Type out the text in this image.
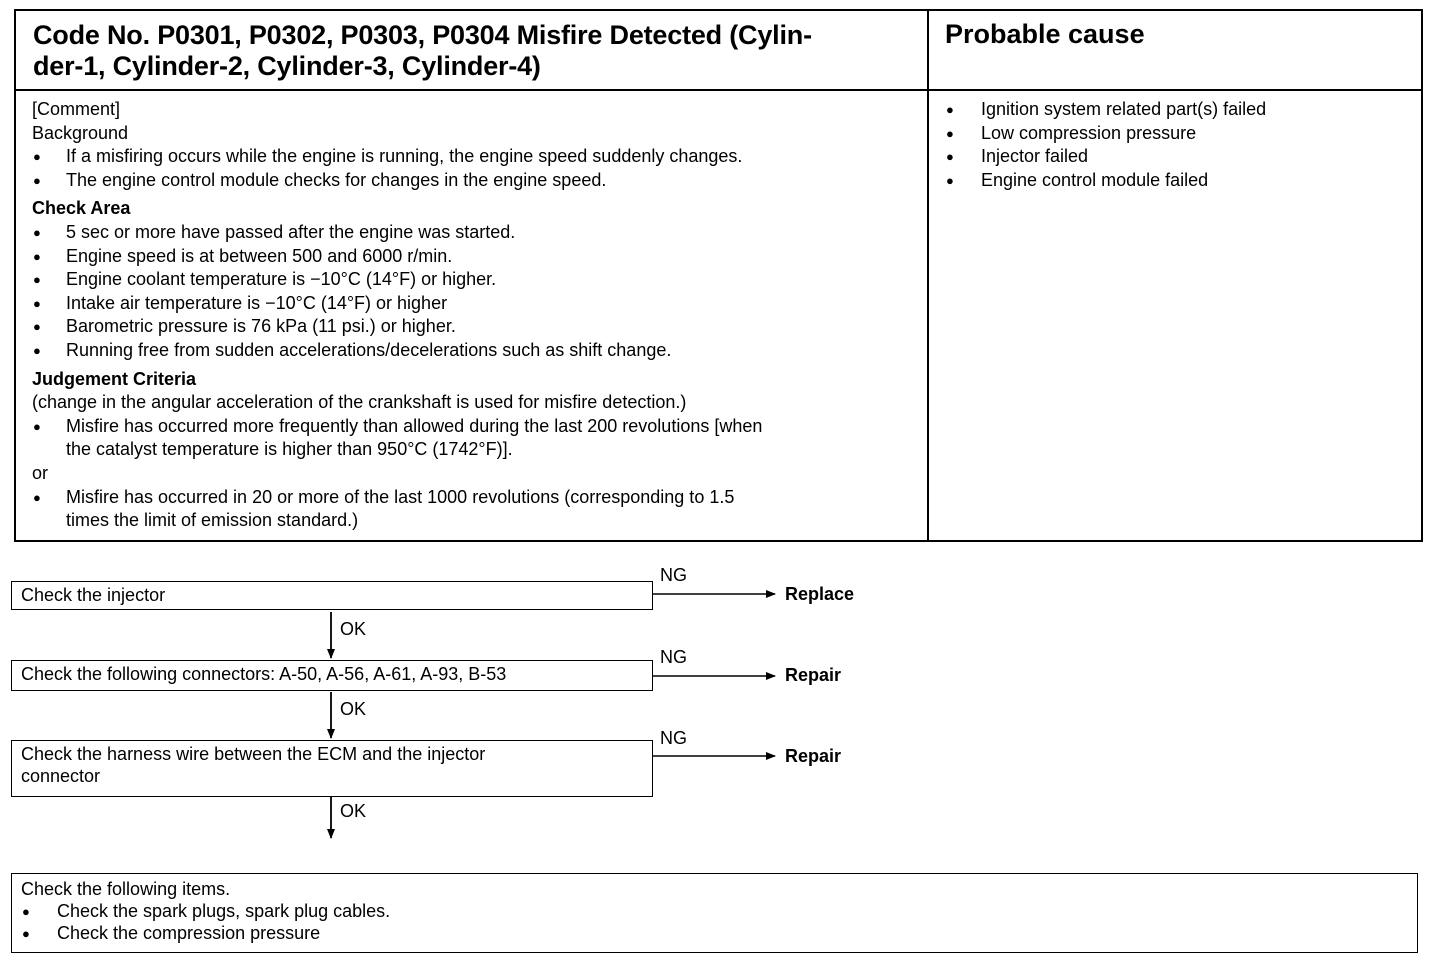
Code No. P0301, P0302, P0303, P0304 Misfire Detected (Cylin-
der-1, Cylinder-2, Cylinder-3, Cylinder-4)
Probable cause
[Comment]
Background
● If a misfiring occurs while the engine is running, the engine speed suddenly changes.
● The engine control module checks for changes in the engine speed.
Check Area
● 5 sec or more have passed after the engine was started.
● Engine speed is at between 500 and 6000 r/min.
● Engine coolant temperature is −10°C (14°F) or higher.
● Intake air temperature is −10°C (14°F) or higher
● Barometric pressure is 76 kPa (11 psi.) or higher.
● Running free from sudden accelerations/decelerations such as shift change.
Judgement Criteria
(change in the angular acceleration of the crankshaft is used for misfire detection.)
● Misfire has occurred more frequently than allowed during the last 200 revolutions [when
the catalyst temperature is higher than 950°C (1742°F)].
or
● Misfire has occurred in 20 or more of the last 1000 revolutions (corresponding to 1.5
times the limit of emission standard.)
● Ignition system related part(s) failed
● Low compression pressure
● Injector failed
● Engine control module failed
Check the injector
NG
Replace
OK
Check the following connectors: A-50, A-56, A-61, A-93, B-53
NG
Repair
OK
Check the harness wire between the ECM and the injector
connector
NG
Repair
OK
Check the following items.
● Check the spark plugs, spark plug cables.
● Check the compression pressure
